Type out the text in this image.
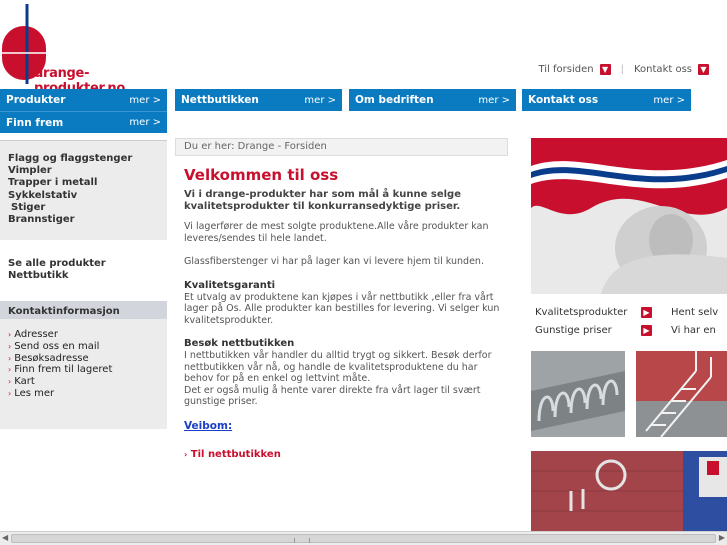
drange-	Til forsiden	▼ | Kontakt oss	▼
Produkter	mer > Nettbutikken	mer > Om bedriften	mer > Kontakt oss	mer >
Finn frem	mer >
Flagg og flaggstenger
Vimpler
Trapper i metall
Sykkelstativ
Stiger
Brannstiger
Se alle produkter
Nettbutikk
Kontaktinformasjon
› Adresser
› Send oss en mail
› Besøksadresse
› Finn frem til lageret
› Kart
› Les mer
Du er her: Drange - Forsiden
Velkommen til oss
Vi i drange-produkter har som mål å kunne selge kvalitetsprodukter til konkurransedyktige priser.
Vi lagerfører de mest solgte produktene.Alle våre produkter kan leveres/sendes til hele landet.
Glassfiberstenger vi har på lager kan vi levere hjem til kunden.
Kvalitetsgaranti
Et utvalg av produktene kan kjøpes i vår nettbutikk ,eller fra vårt lager på Os. Alle produkter kan bestilles for levering. Vi selger kun kvalitetsprodukter.
Besøk nettbutikken
I nettbutikken vår handler du alltid trygt og sikkert. Besøk derfor nettbutikken vår nå, og handle de kvalitetsproduktene du har behov for på en enkel og lettvint måte.
Det er også mulig å hente varer direkte fra vårt lager til svært gunstige priser.
Veibom:
› Til nettbutikken
Kvalitetsprodukter	▶ Hent selv
Gunstige priser	▶ Vi har en
◀	▶
